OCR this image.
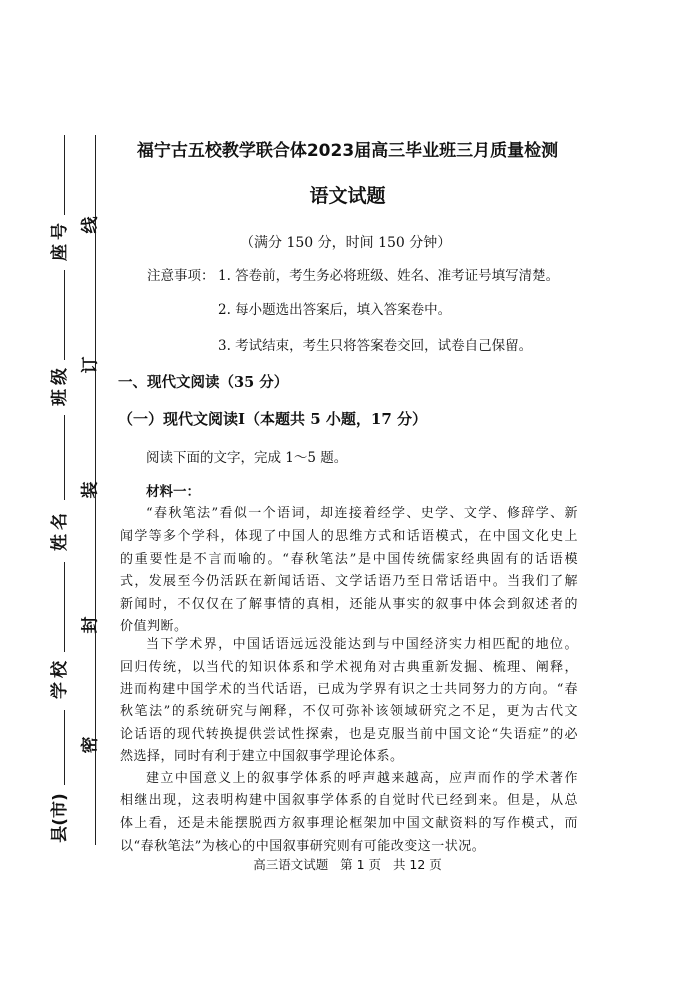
座号
班级
姓名
学校
县(市)
线
订
装
封
密
福宁古五校教学联合体2023届高三毕业班三月质量检测
语文试题
（满分 150 分，时间 150 分钟）
注意事项： 1. 答卷前，考生务必将班级、姓名、准考证号填写清楚。
2. 每小题选出答案后，填入答案卷中。
3. 考试结束，考生只将答案卷交回，试卷自己保留。
一、现代文阅读（35 分）
（一）现代文阅读Ⅰ（本题共 5 小题，17 分）
阅读下面的文字，完成 1～5 题。
材料一：
“春秋笔法”看似一个语词，却连接着经学、史学、文学、修辞学、新
闻学等多个学科，体现了中国人的思维方式和话语模式，在中国文化史上
的重要性是不言而喻的。“春秋笔法”是中国传统儒家经典固有的话语模
式，发展至今仍活跃在新闻话语、文学话语乃至日常话语中。当我们了解
新闻时，不仅仅在了解事情的真相，还能从事实的叙事中体会到叙述者的
价值判断。
当下学术界，中国话语远远没能达到与中国经济实力相匹配的地位。
回归传统，以当代的知识体系和学术视角对古典重新发掘、梳理、阐释，
进而构建中国学术的当代话语，已成为学界有识之士共同努力的方向。“春
秋笔法”的系统研究与阐释，不仅可弥补该领域研究之不足，更为古代文
论话语的现代转换提供尝试性探索，也是克服当前中国文论“失语症”的必
然选择，同时有利于建立中国叙事学理论体系。
建立中国意义上的叙事学体系的呼声越来越高，应声而作的学术著作
相继出现，这表明构建中国叙事学体系的自觉时代已经到来。但是，从总
体上看，还是未能摆脱西方叙事理论框架加中国文献资料的写作模式，而
以“春秋笔法”为核心的中国叙事研究则有可能改变这一状况。
高三语文试题   第 1 页   共 12 页
